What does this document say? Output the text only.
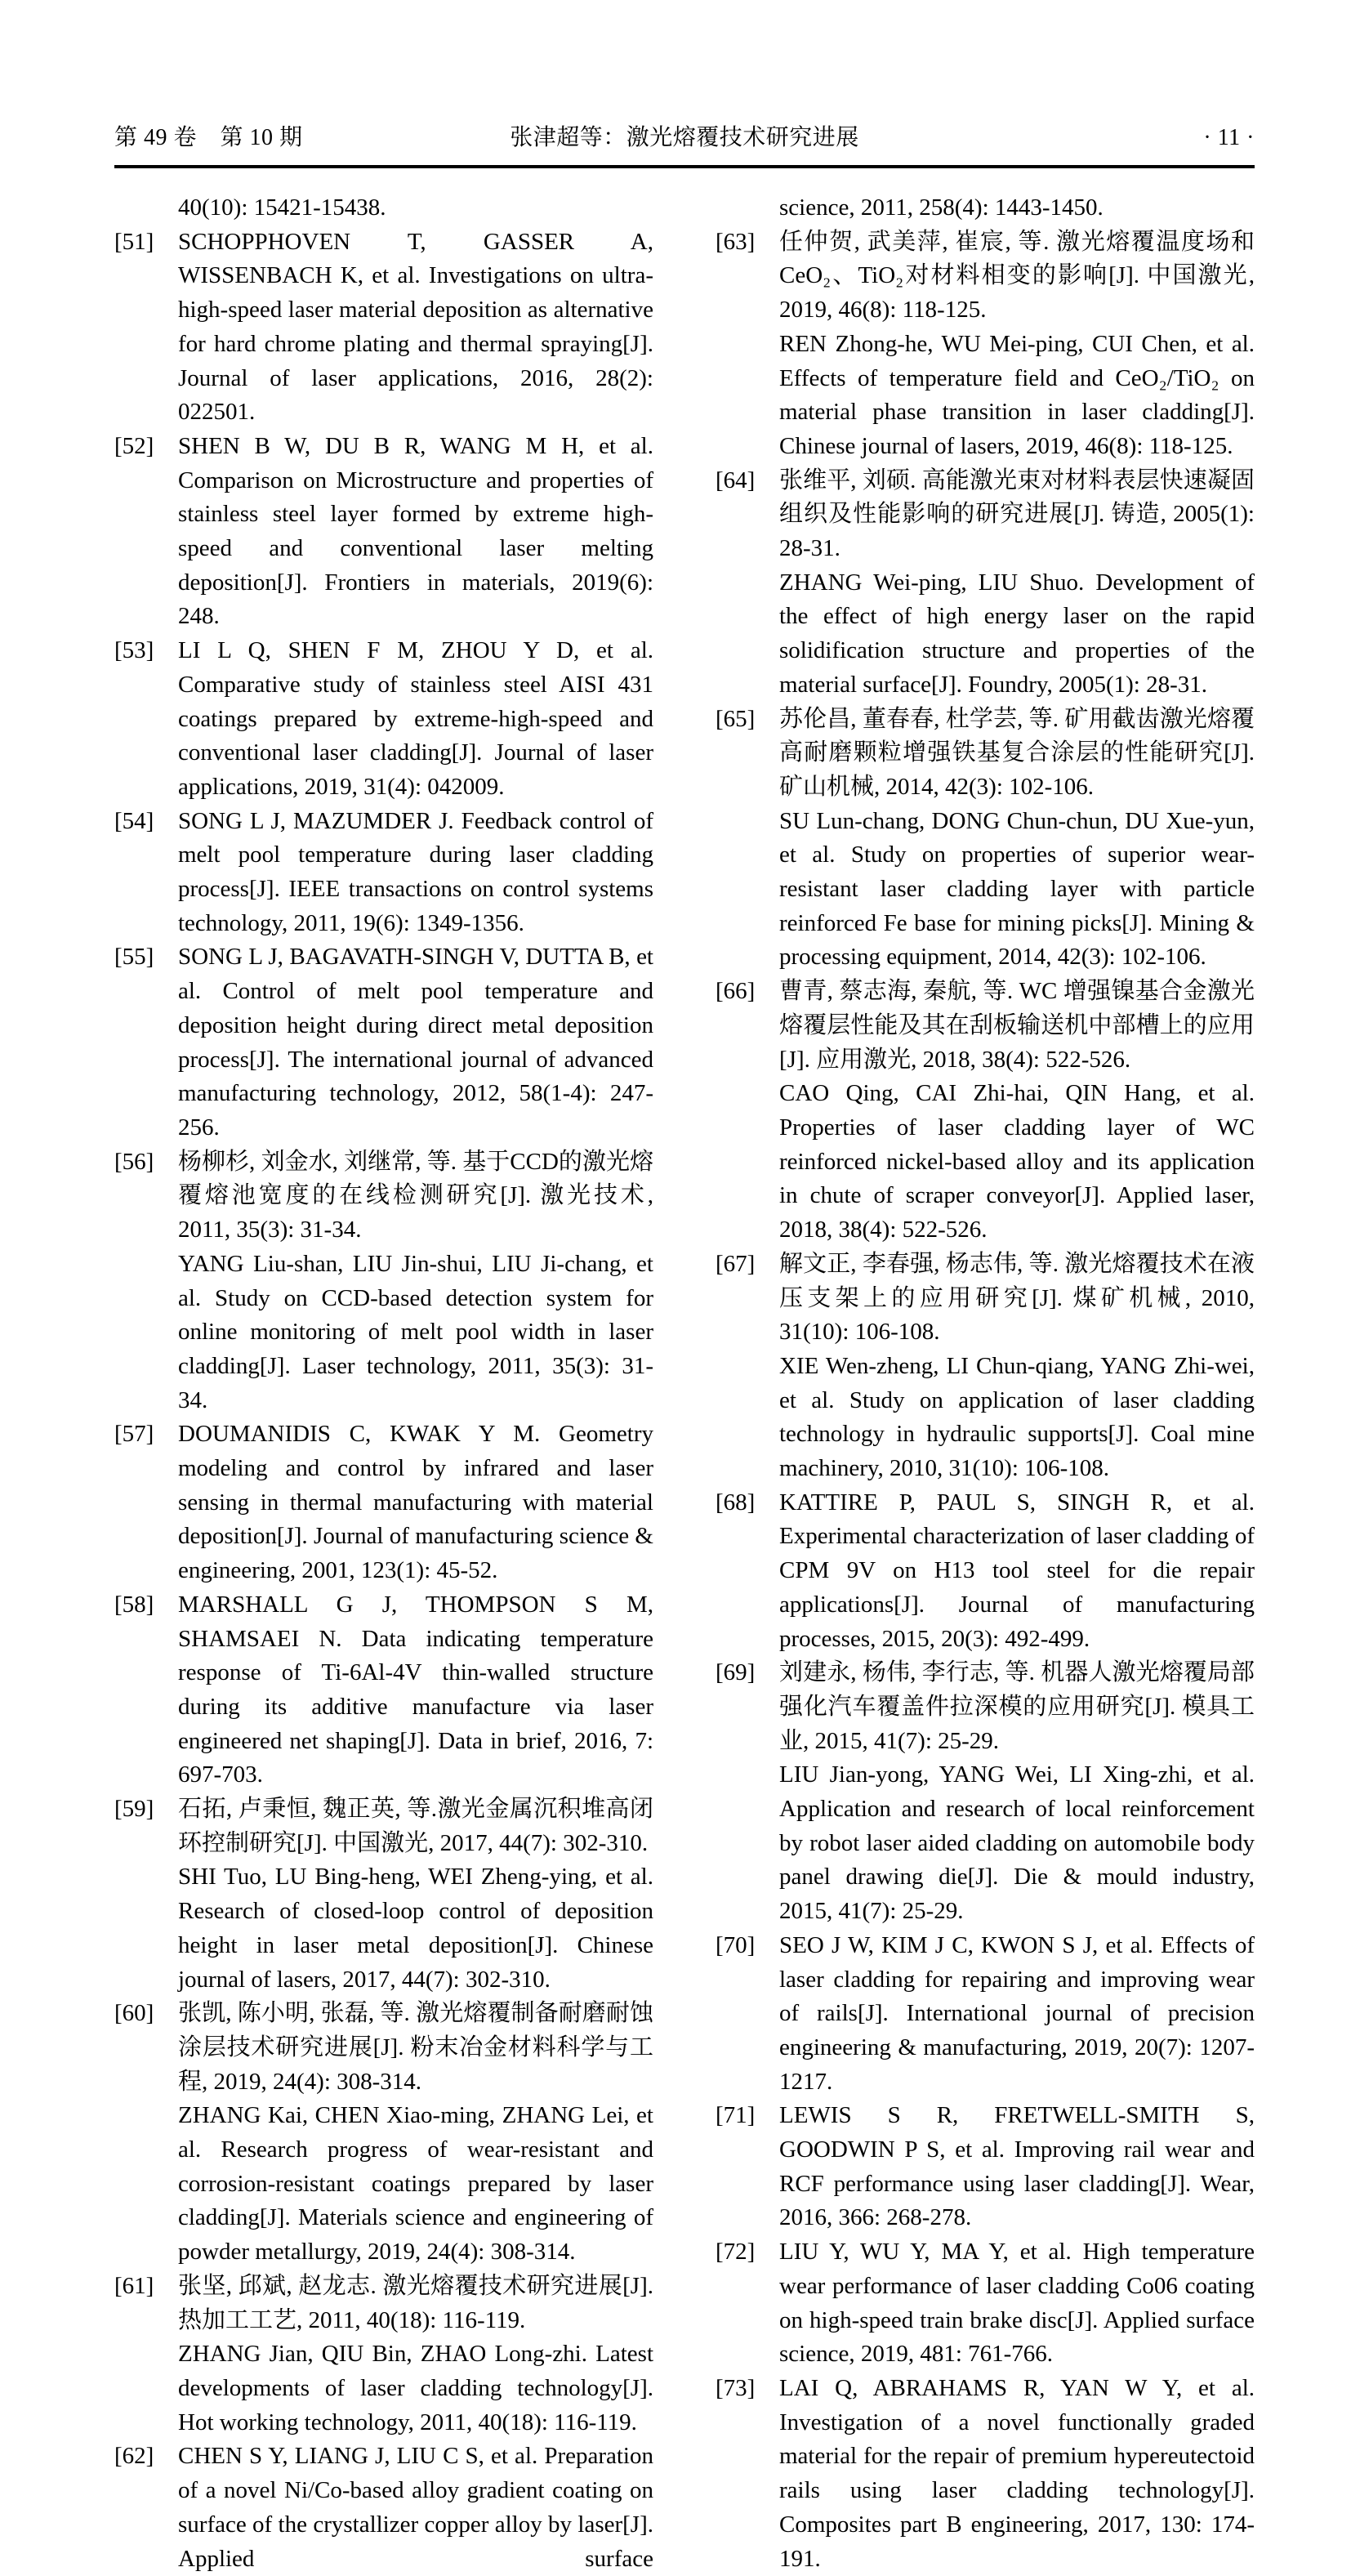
第 49 卷　第 10 期	张津超等：激光熔覆技术研究进展	· 11 ·
40(10): 15421-15438.
[51]	SCHOPPHOVEN T, GASSER A, WISSENBACH K, et al. Investigations on ultra-high-speed laser material deposition as alternative for hard chrome plating and thermal spraying[J]. Journal of laser applications, 2016, 28(2): 022501.
[52]	SHEN B W, DU B R, WANG M H, et al. Comparison on Microstructure and properties of stainless steel layer formed by extreme high-speed and conventional laser melting deposition[J]. Frontiers in materials, 2019(6): 248.
[53]	LI L Q, SHEN F M, ZHOU Y D, et al. Comparative study of stainless steel AISI 431 coatings prepared by extreme-high-speed and conventional laser cladding[J]. Journal of laser applications, 2019, 31(4): 042009.
[54]	SONG L J, MAZUMDER J. Feedback control of melt pool temperature during laser cladding process[J]. IEEE transactions on control systems technology, 2011, 19(6): 1349-1356.
[55]	SONG L J, BAGAVATH-SINGH V, DUTTA B, et al. Control of melt pool temperature and deposition height during direct metal deposition process[J]. The international journal of advanced manufacturing technology, 2012, 58(1-4): 247-256.
[56]	杨柳杉, 刘金水, 刘继常, 等. 基于CCD的激光熔覆熔池宽度的在线检测研究[J]. 激光技术, 2011, 35(3): 31-34.
YANG Liu-shan, LIU Jin-shui, LIU Ji-chang, et al. Study on CCD-based detection system for online monitoring of melt pool width in laser cladding[J]. Laser technology, 2011, 35(3): 31-34.
[57]	DOUMANIDIS C, KWAK Y M. Geometry modeling and control by infrared and laser sensing in thermal manufacturing with material deposition[J]. Journal of manufacturing science & engineering, 2001, 123(1): 45-52.
[58]	MARSHALL G J, THOMPSON S M, SHAMSAEI N. Data indicating temperature response of Ti-6Al-4V thin-walled structure during its additive manufacture via laser engineered net shaping[J]. Data in brief, 2016, 7: 697-703.
[59]	石拓, 卢秉恒, 魏正英, 等.激光金属沉积堆高闭环控制研究[J]. 中国激光, 2017, 44(7): 302-310.
SHI Tuo, LU Bing-heng, WEI Zheng-ying, et al. Research of closed-loop control of deposition height in laser metal deposition[J]. Chinese journal of lasers, 2017, 44(7): 302-310.
[60]	张凯, 陈小明, 张磊, 等. 激光熔覆制备耐磨耐蚀涂层技术研究进展[J]. 粉末冶金材料科学与工程, 2019, 24(4): 308-314.
ZHANG Kai, CHEN Xiao-ming, ZHANG Lei, et al. Research progress of wear-resistant and corrosion-resistant coatings prepared by laser cladding[J]. Materials science and engineering of powder metallurgy, 2019, 24(4): 308-314.
[61]	张坚, 邱斌, 赵龙志. 激光熔覆技术研究进展[J]. 热加工工艺, 2011, 40(18): 116-119.
ZHANG Jian, QIU Bin, ZHAO Long-zhi. Latest developments of laser cladding technology[J]. Hot working technology, 2011, 40(18): 116-119.
[62]	CHEN S Y, LIANG J, LIU C S, et al. Preparation of a novel Ni/Co-based alloy gradient coating on surface of the crystallizer copper alloy by laser[J]. Applied surface
science, 2011, 258(4): 1443-1450.
[63]	任仲贺, 武美萍, 崔宸, 等. 激光熔覆温度场和CeO₂、TiO₂对材料相变的影响[J]. 中国激光, 2019, 46(8): 118-125.
REN Zhong-he, WU Mei-ping, CUI Chen, et al. Effects of temperature field and CeO₂/TiO₂ on material phase transition in laser cladding[J]. Chinese journal of lasers, 2019, 46(8): 118-125.
[64]	张维平, 刘硕. 高能激光束对材料表层快速凝固组织及性能影响的研究进展[J]. 铸造, 2005(1): 28-31.
ZHANG Wei-ping, LIU Shuo. Development of the effect of high energy laser on the rapid solidification structure and properties of the material surface[J]. Foundry, 2005(1): 28-31.
[65]	苏伦昌, 董春春, 杜学芸, 等. 矿用截齿激光熔覆高耐磨颗粒增强铁基复合涂层的性能研究[J]. 矿山机械, 2014, 42(3): 102-106.
SU Lun-chang, DONG Chun-chun, DU Xue-yun, et al. Study on properties of superior wear-resistant laser cladding layer with particle reinforced Fe base for mining picks[J]. Mining & processing equipment, 2014, 42(3): 102-106.
[66]	曹青, 蔡志海, 秦航, 等. WC 增强镍基合金激光熔覆层性能及其在刮板输送机中部槽上的应用[J]. 应用激光, 2018, 38(4): 522-526.
CAO Qing, CAI Zhi-hai, QIN Hang, et al. Properties of laser cladding layer of WC reinforced nickel-based alloy and its application in chute of scraper conveyor[J]. Applied laser, 2018, 38(4): 522-526.
[67]	解文正, 李春强, 杨志伟, 等. 激光熔覆技术在液压支架上的应用研究[J]. 煤矿机械, 2010, 31(10): 106-108.
XIE Wen-zheng, LI Chun-qiang, YANG Zhi-wei, et al. Study on application of laser cladding technology in hydraulic supports[J]. Coal mine machinery, 2010, 31(10): 106-108.
[68]	KATTIRE P, PAUL S, SINGH R, et al. Experimental characterization of laser cladding of CPM 9V on H13 tool steel for die repair applications[J]. Journal of manufacturing processes, 2015, 20(3): 492-499.
[69]	刘建永, 杨伟, 李行志, 等. 机器人激光熔覆局部强化汽车覆盖件拉深模的应用研究[J]. 模具工业, 2015, 41(7): 25-29.
LIU Jian-yong, YANG Wei, LI Xing-zhi, et al. Application and research of local reinforcement by robot laser aided cladding on automobile body panel drawing die[J]. Die & mould industry, 2015, 41(7): 25-29.
[70]	SEO J W, KIM J C, KWON S J, et al. Effects of laser cladding for repairing and improving wear of rails[J]. International journal of precision engineering & manufacturing, 2019, 20(7): 1207-1217.
[71]	LEWIS S R, FRETWELL-SMITH S, GOODWIN P S, et al. Improving rail wear and RCF performance using laser cladding[J]. Wear, 2016, 366: 268-278.
[72]	LIU Y, WU Y, MA Y, et al. High temperature wear performance of laser cladding Co06 coating on high-speed train brake disc[J]. Applied surface science, 2019, 481: 761-766.
[73]	LAI Q, ABRAHAMS R, YAN W Y, et al. Investigation of a novel functionally graded material for the repair of premium hypereutectoid rails using laser cladding technology[J]. Composites part B engineering, 2017, 130: 174-191.
